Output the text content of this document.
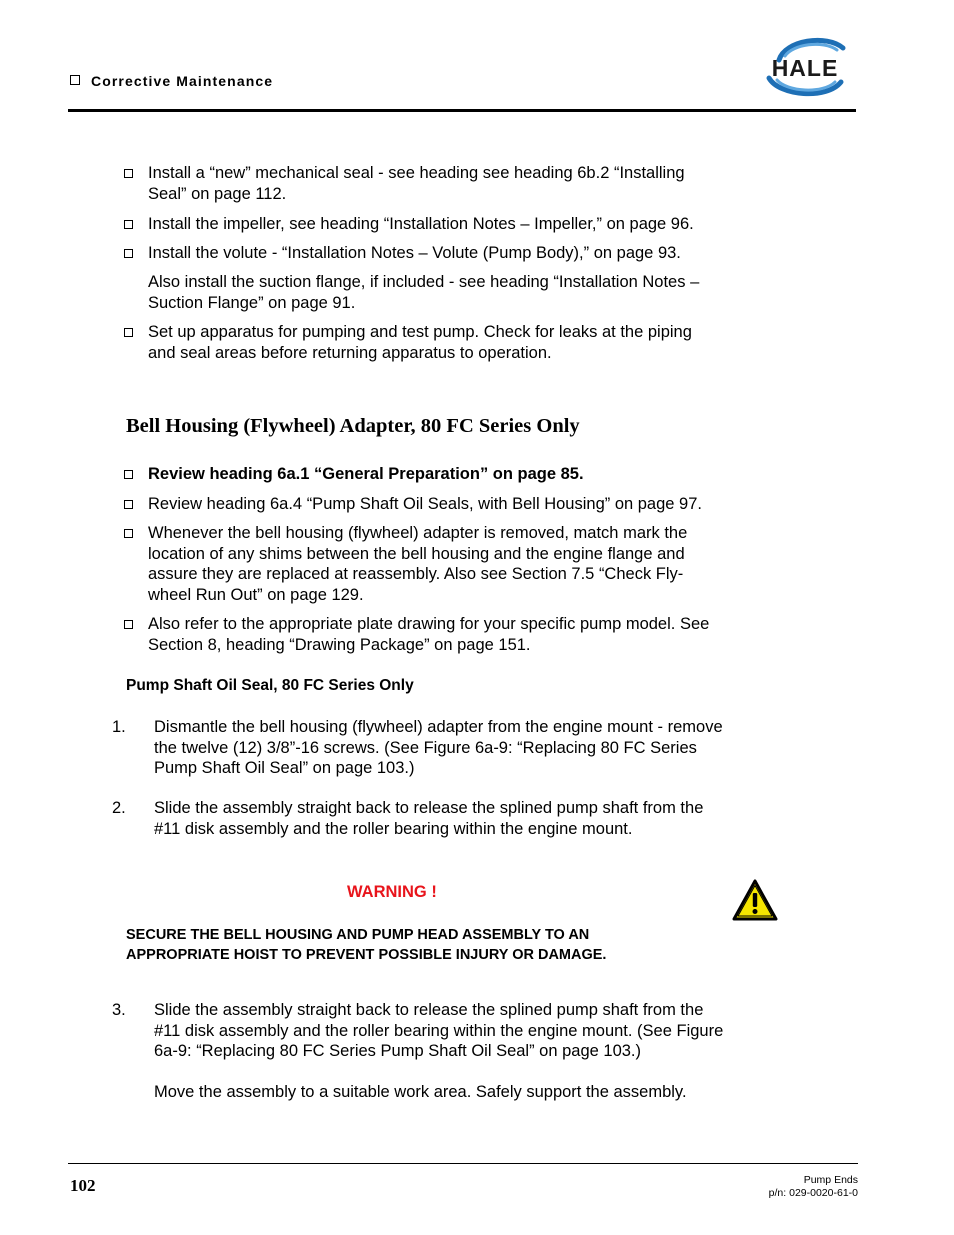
Corrective Maintenance	HALE
Install a “new” mechanical seal - see heading see heading 6b.2 “Installing Seal” on page 112.
Install the impeller, see heading “Installation Notes – Impeller,” on page 96.
Install the volute - “Installation Notes – Volute (Pump Body),” on page 93.
Also install the suction flange, if included - see heading “Installation Notes – Suction Flange” on page 91.
Set up apparatus for pumping and test pump. Check for leaks at the piping and seal areas before returning apparatus to operation.
Bell Housing (Flywheel) Adapter, 80 FC Series Only
Review heading 6a.1 “General Preparation” on page 85.
Review heading 6a.4 “Pump Shaft Oil Seals, with Bell Housing” on page 97.
Whenever the bell housing (flywheel) adapter is removed, match mark the location of any shims between the bell housing and the engine flange and assure they are replaced at reassembly. Also see Section 7.5 “Check Fly-wheel Run Out” on page 129.
Also refer to the appropriate plate drawing for your specific pump model. See Section 8, heading “Drawing Package” on page 151.
Pump Shaft Oil Seal, 80 FC Series Only
1. Dismantle the bell housing (flywheel) adapter from the engine mount - remove the twelve (12) 3/8”-16 screws. (See Figure 6a-9: “Replacing 80 FC Series Pump Shaft Oil Seal” on page 103.)
2. Slide the assembly straight back to release the splined pump shaft from the #11 disk assembly and the roller bearing within the engine mount.
WARNING !
SECURE THE BELL HOUSING AND PUMP HEAD ASSEMBLY TO AN APPROPRIATE HOIST TO PREVENT POSSIBLE INJURY OR DAMAGE.
3. Slide the assembly straight back to release the splined pump shaft from the #11 disk assembly and the roller bearing within the engine mount. (See Figure 6a-9: “Replacing 80 FC Series Pump Shaft Oil Seal” on page 103.)
Move the assembly to a suitable work area. Safely support the assembly.
102	Pump Ends
p/n: 029-0020-61-0
